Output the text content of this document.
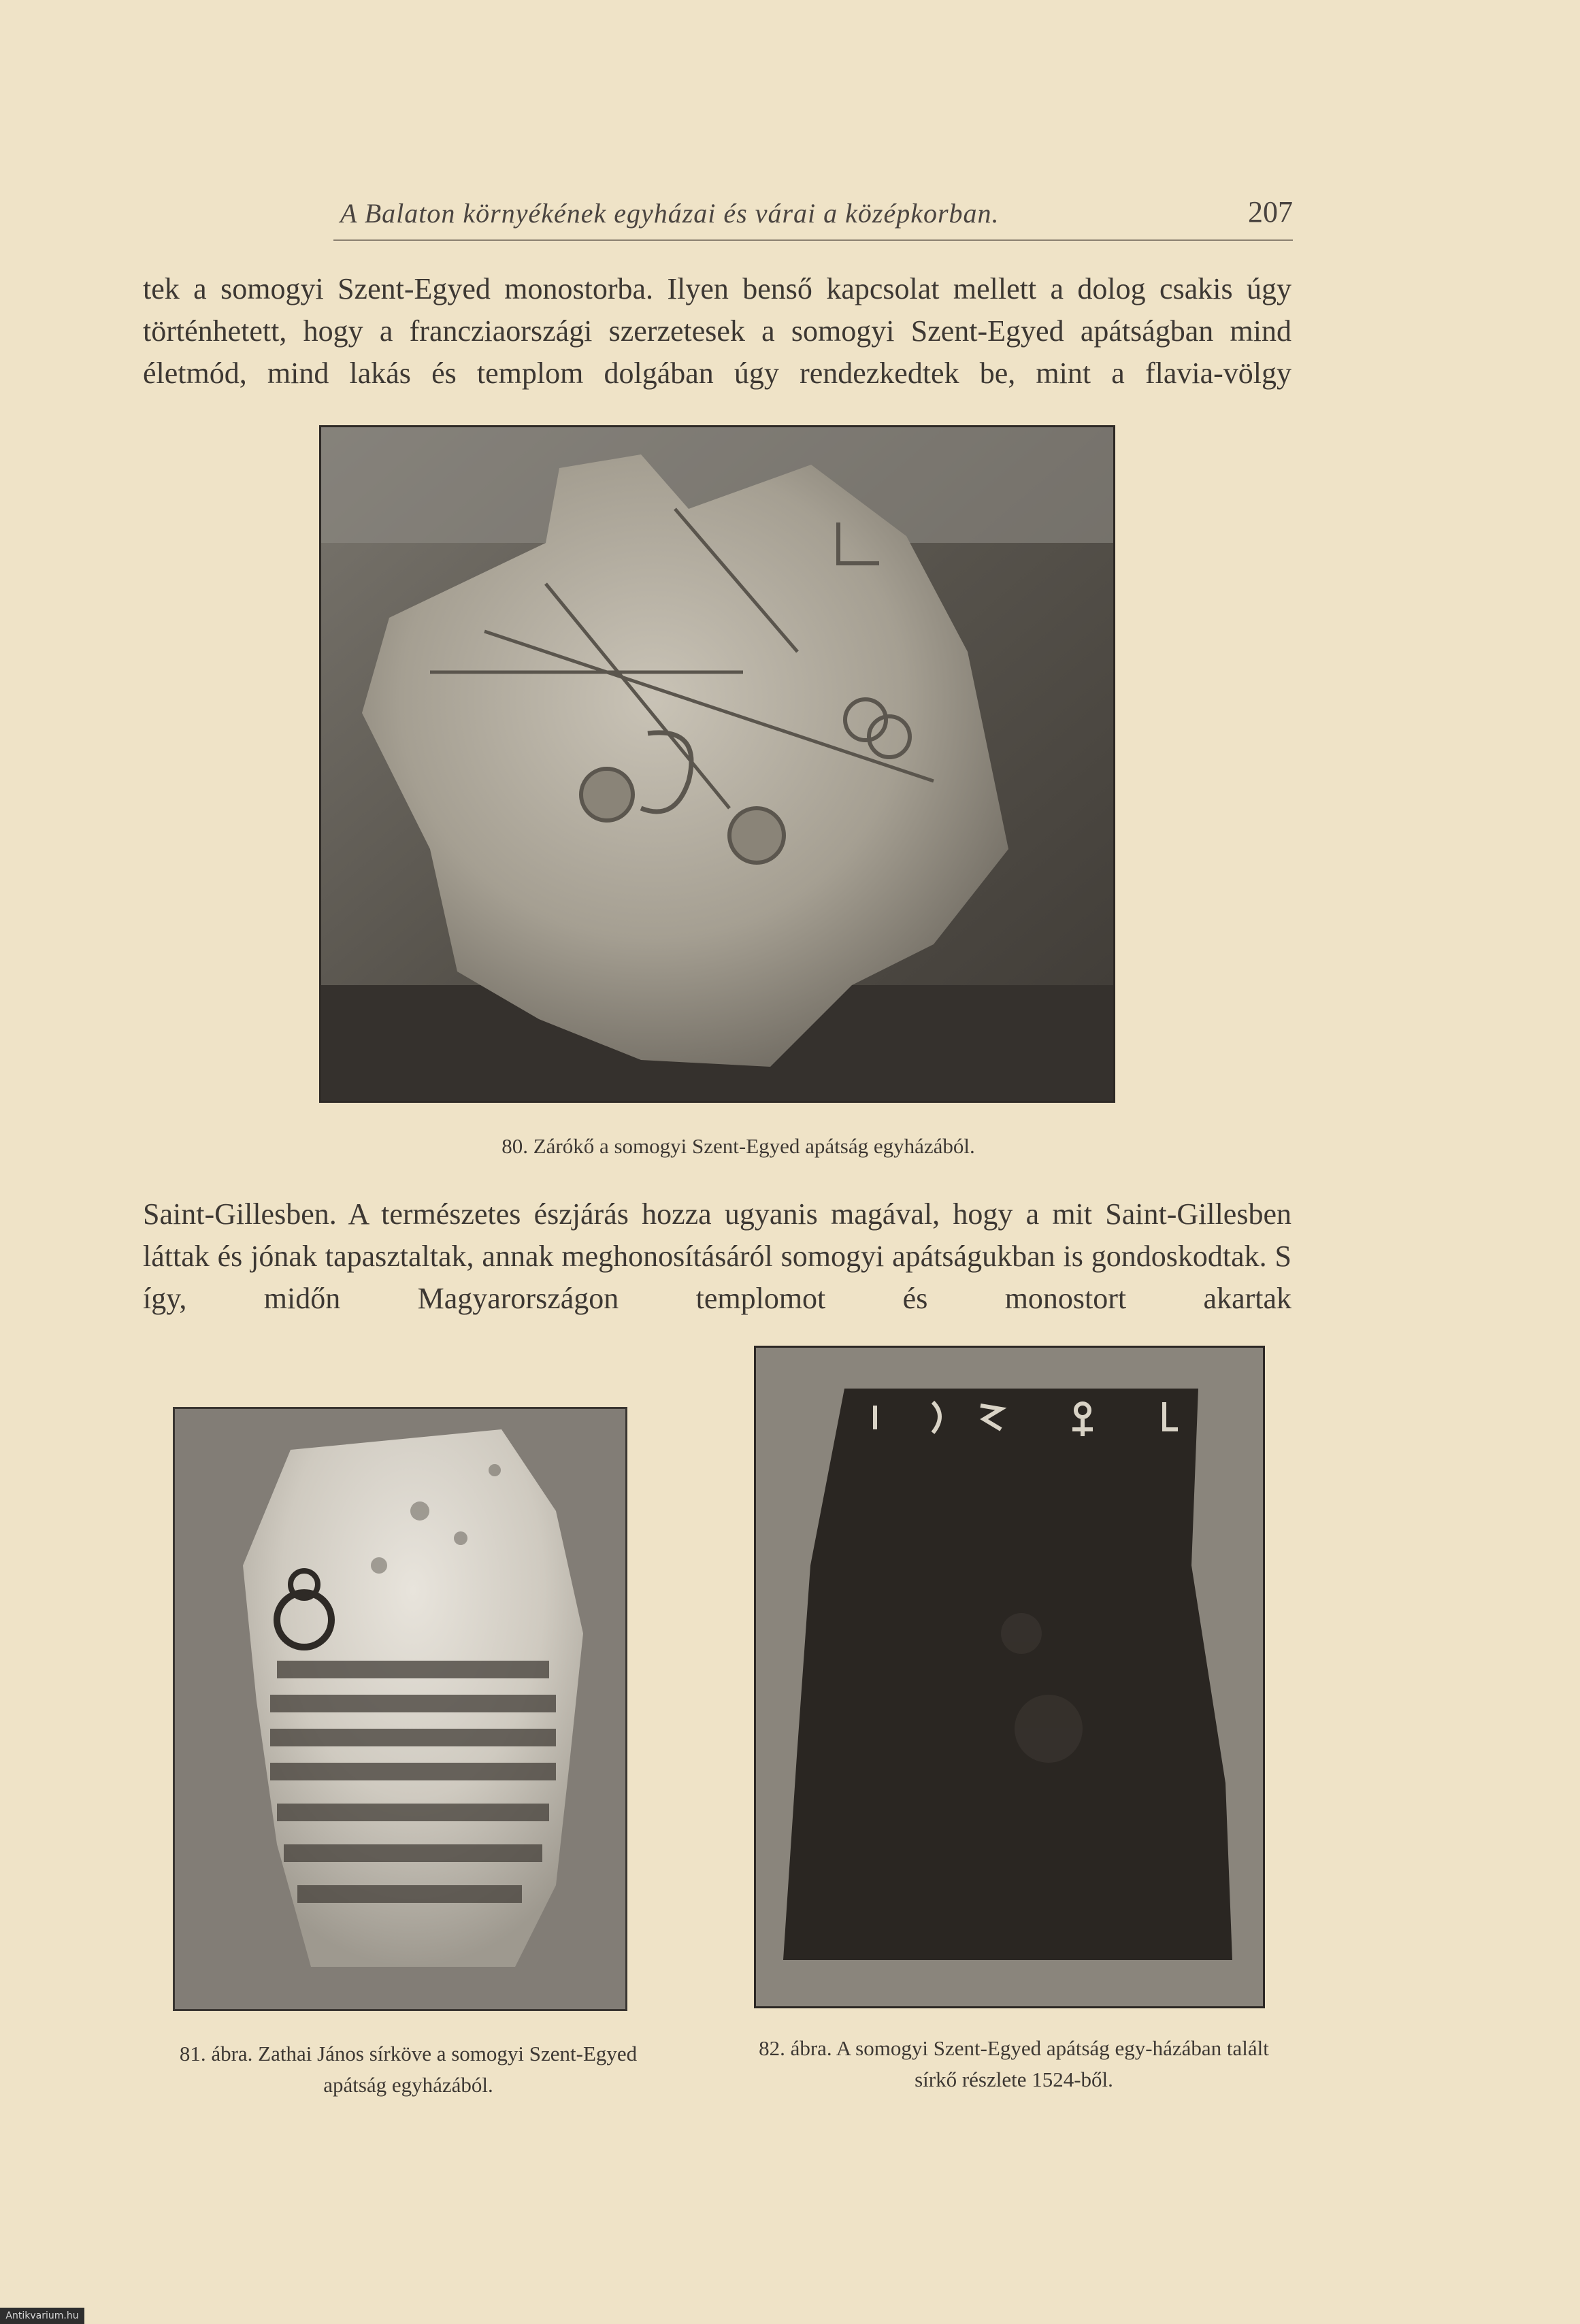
A Balaton környékének egyházai és várai a középkorban.	207

tek a somogyi Szent-Egyed monostorba. Ilyen benső kapcsolat mellett a dolog csakis úgy történhetett, hogy a francziaországi szerzetesek a somogyi Szent-Egyed apátságban mind életmód, mind lakás és templom dolgában úgy rendezkedtek be, mint a flavia-völgy

80. Zárókő a somogyi Szent-Egyed apátság egyházából.

Saint-Gillesben. A természetes észjárás hozza ugyanis magával, hogy a mit Saint-Gillesben láttak és jónak tapasztaltak, annak meghonosításáról somogyi apátságukban is gondoskodtak. S így, midőn Magyarországon templomot és monostort akartak

81. ábra. Zathai János sírköve a somogyi Szent-Egyed apátság egyházából.

82. ábra. A somogyi Szent-Egyed apátság egy-házában talált sírkő részlete 1524-ből.

Antikvarium.hu
